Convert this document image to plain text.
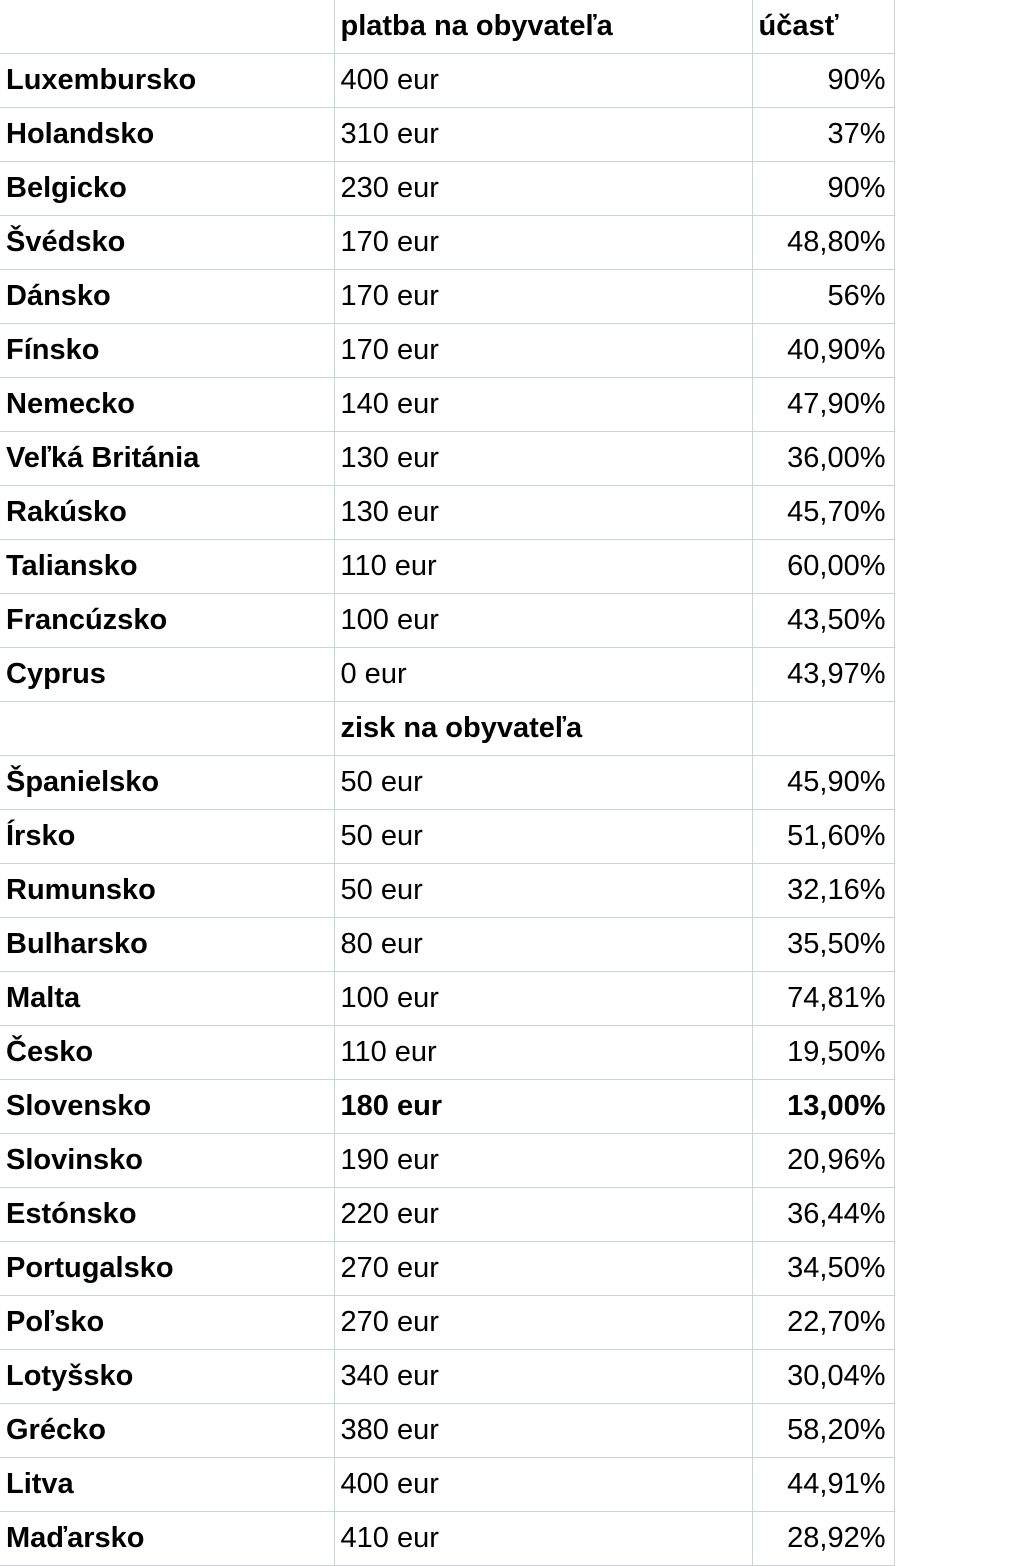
	platba na obyvateľa	účasť	
Luxembursko	400 eur	90%	
Holandsko	310 eur	37%	
Belgicko	230 eur	90%	
Švédsko	170 eur	48,80%	
Dánsko	170 eur	56%	
Fínsko	170 eur	40,90%	
Nemecko	140 eur	47,90%	
Veľká Británia	130 eur	36,00%	
Rakúsko	130 eur	45,70%	
Taliansko	110 eur	60,00%	
Francúzsko	100 eur	43,50%	
Cyprus	0 eur	43,97%	
	zisk na obyvateľa		
Španielsko	50 eur	45,90%	
Írsko	50 eur	51,60%	
Rumunsko	50 eur	32,16%	
Bulharsko	80 eur	35,50%	
Malta	100 eur	74,81%	
Česko	110 eur	19,50%	
Slovensko	180 eur	13,00%	
Slovinsko	190 eur	20,96%	
Estónsko	220 eur	36,44%	
Portugalsko	270 eur	34,50%	
Poľsko	270 eur	22,70%	
Lotyšsko	340 eur	30,04%	
Grécko	380 eur	58,20%	
Litva	400 eur	44,91%	
Maďarsko	410 eur	28,92%	
